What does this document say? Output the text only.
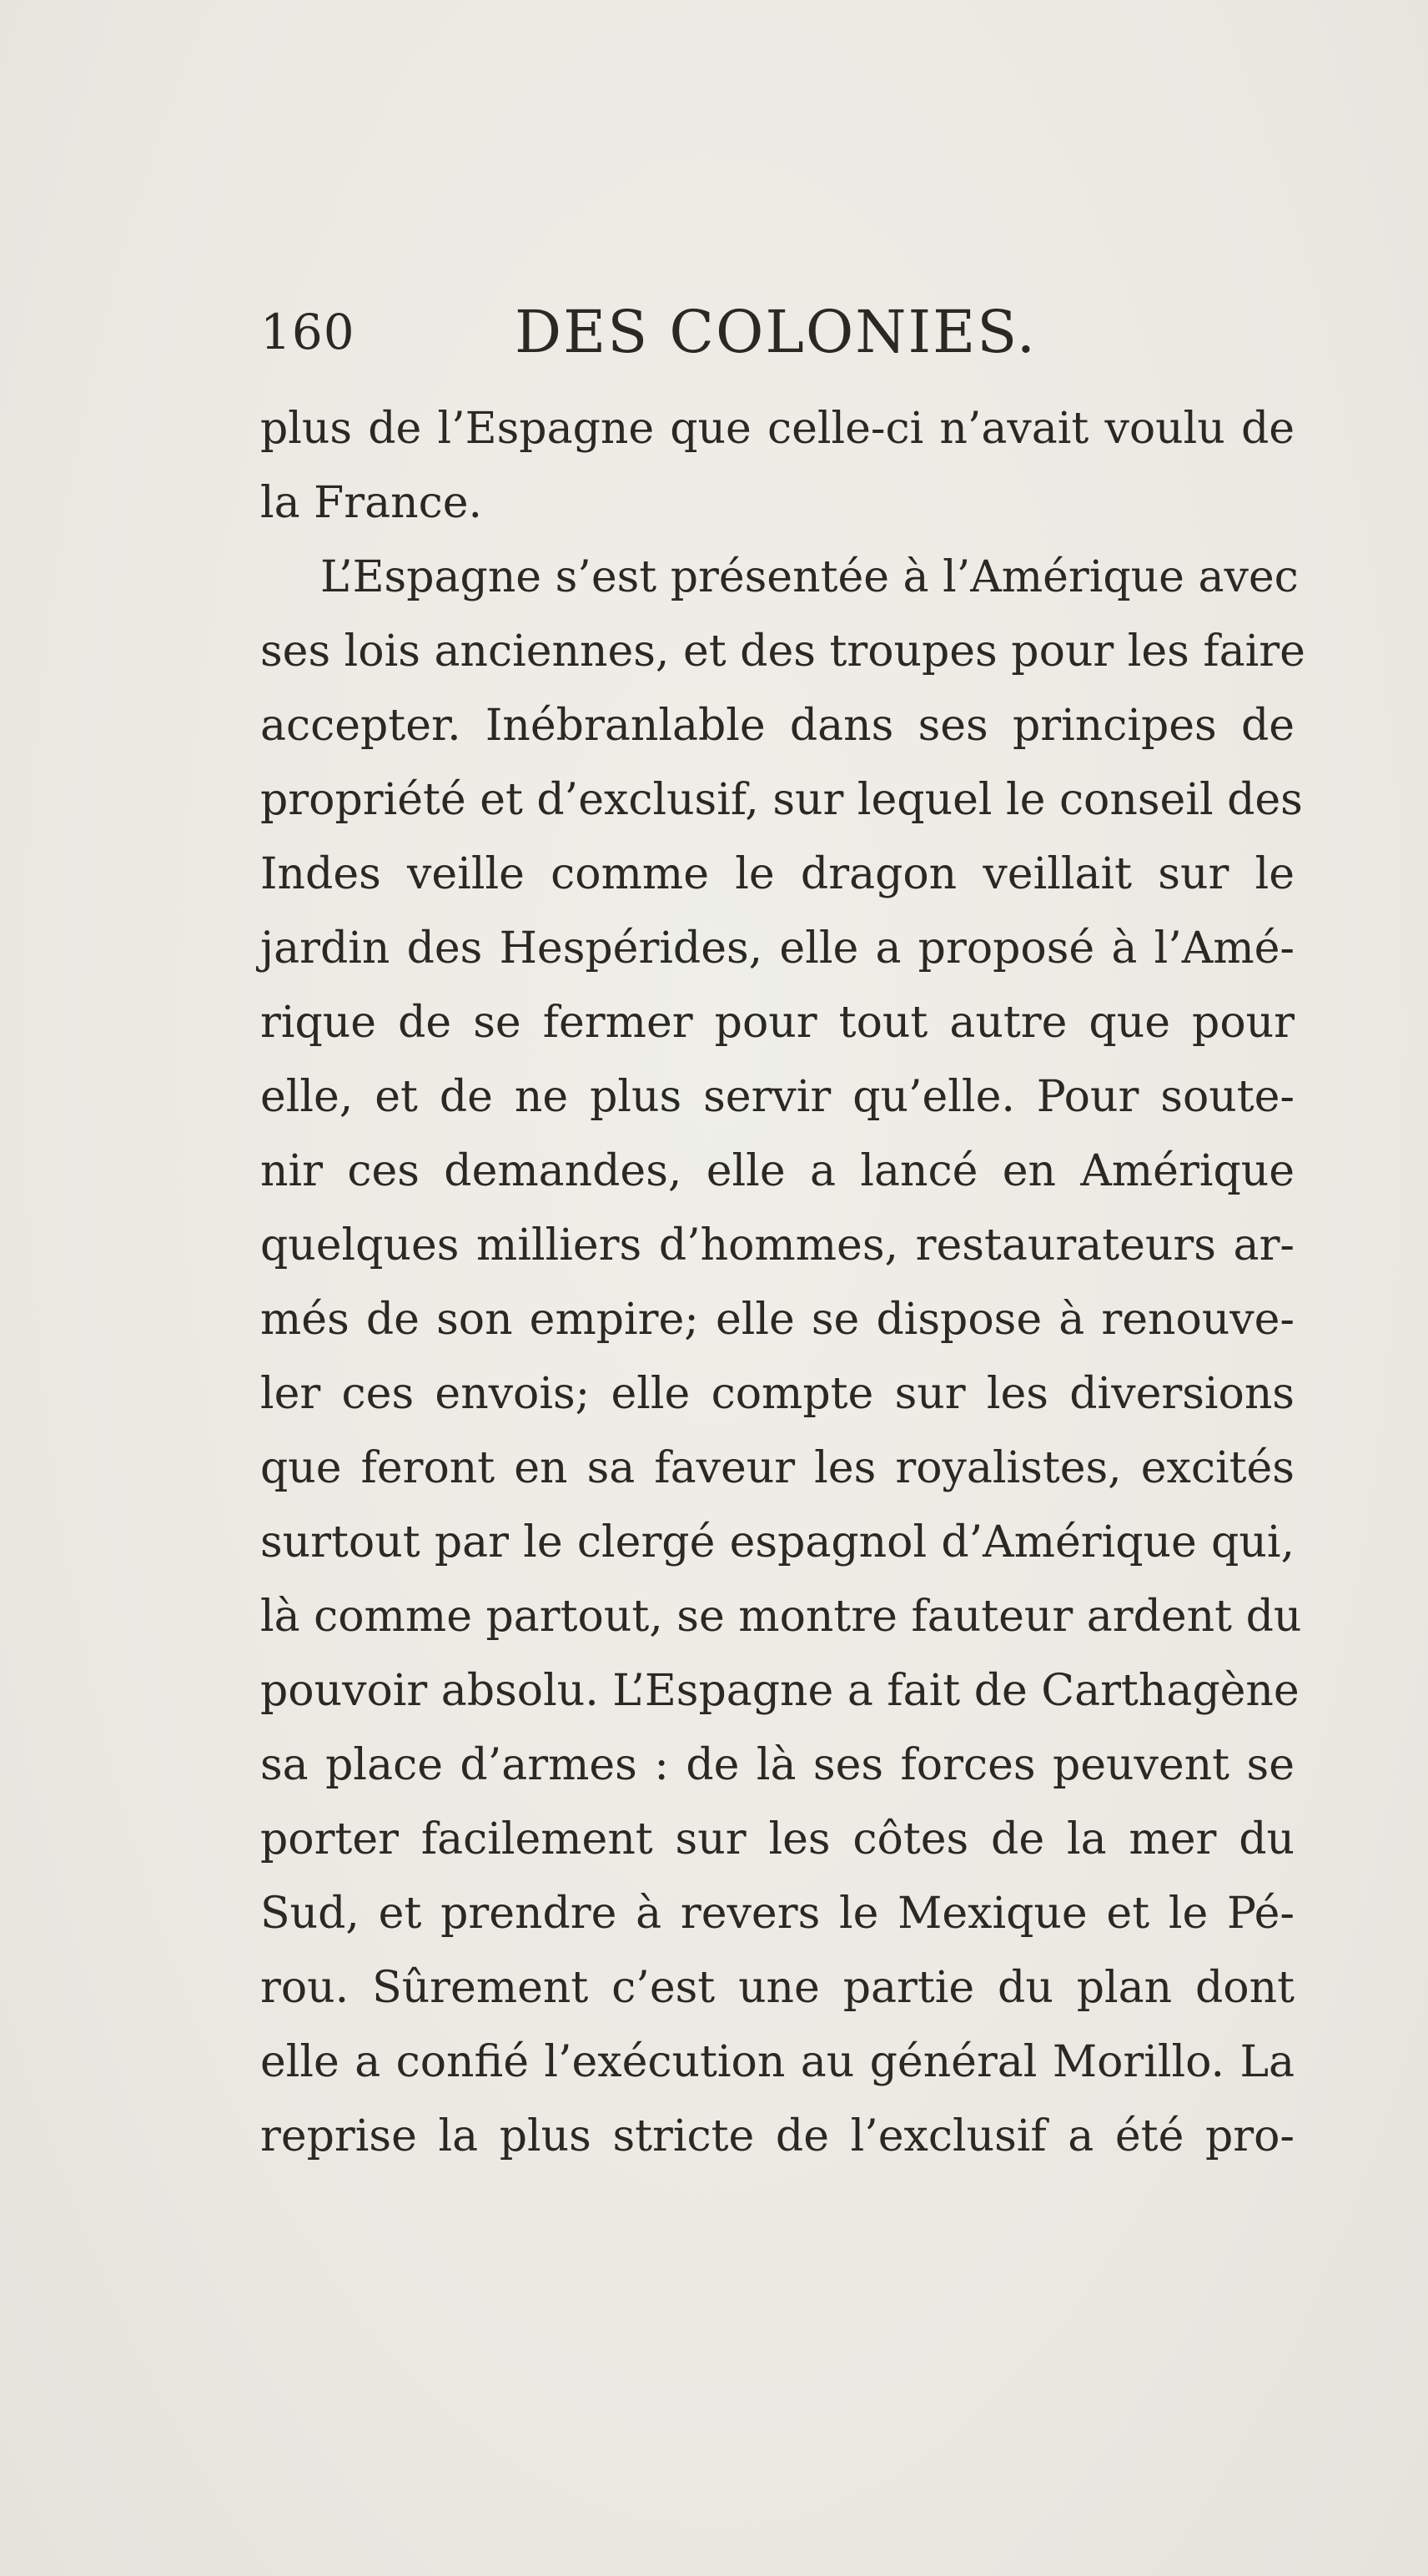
160	DES COLONIES.
plus de l’Espagne que celle-ci n’avait voulu de
la France.
L’Espagne s’est présentée à l’Amérique avec
ses lois anciennes, et des troupes pour les faire
accepter. Inébranlable dans ses principes de
propriété et d’exclusif, sur lequel le conseil des
Indes veille comme le dragon veillait sur le
jardin des Hespérides, elle a proposé à l’Amé-
rique de se fermer pour tout autre que pour
elle, et de ne plus servir qu’elle. Pour soute-
nir ces demandes, elle a lancé en Amérique
quelques milliers d’hommes, restaurateurs ar-
més de son empire; elle se dispose à renouve-
ler ces envois; elle compte sur les diversions
que feront en sa faveur les royalistes, excités
surtout par le clergé espagnol d’Amérique qui,
là comme partout, se montre fauteur ardent du
pouvoir absolu. L’Espagne a fait de Carthagène
sa place d’armes : de là ses forces peuvent se
porter facilement sur les côtes de la mer du
Sud, et prendre à revers le Mexique et le Pé-
rou. Sûrement c’est une partie du plan dont
elle a confié l’exécution au général Morillo. La
reprise la plus stricte de l’exclusif a été pro-
